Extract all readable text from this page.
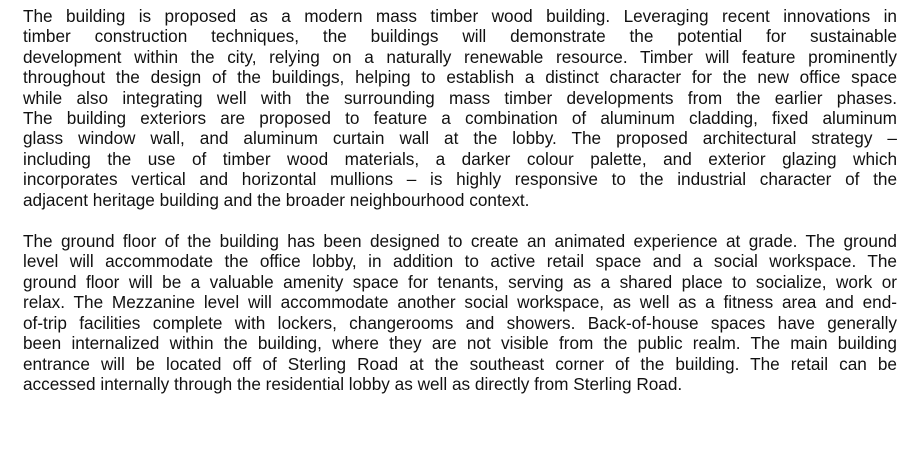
The building is proposed as a modern mass timber wood building. Leveraging recent innovations in
timber construction techniques, the buildings will demonstrate the potential for sustainable
development within the city, relying on a naturally renewable resource. Timber will feature prominently
throughout the design of the buildings, helping to establish a distinct character for the new office space
while also integrating well with the surrounding mass timber developments from the earlier phases.
The building exteriors are proposed to feature a combination of aluminum cladding, fixed aluminum
glass window wall, and aluminum curtain wall at the lobby. The proposed architectural strategy –
including the use of timber wood materials, a darker colour palette, and exterior glazing which
incorporates vertical and horizontal mullions – is highly responsive to the industrial character of the
adjacent heritage building and the broader neighbourhood context.
The ground floor of the building has been designed to create an animated experience at grade. The ground
level will accommodate the office lobby, in addition to active retail space and a social workspace. The
ground floor will be a valuable amenity space for tenants, serving as a shared place to socialize, work or
relax. The Mezzanine level will accommodate another social workspace, as well as a fitness area and end-
of-trip facilities complete with lockers, changerooms and showers. Back-of-house spaces have generally
been internalized within the building, where they are not visible from the public realm. The main building
entrance will be located off of Sterling Road at the southeast corner of the building. The retail can be
accessed internally through the residential lobby as well as directly from Sterling Road.
